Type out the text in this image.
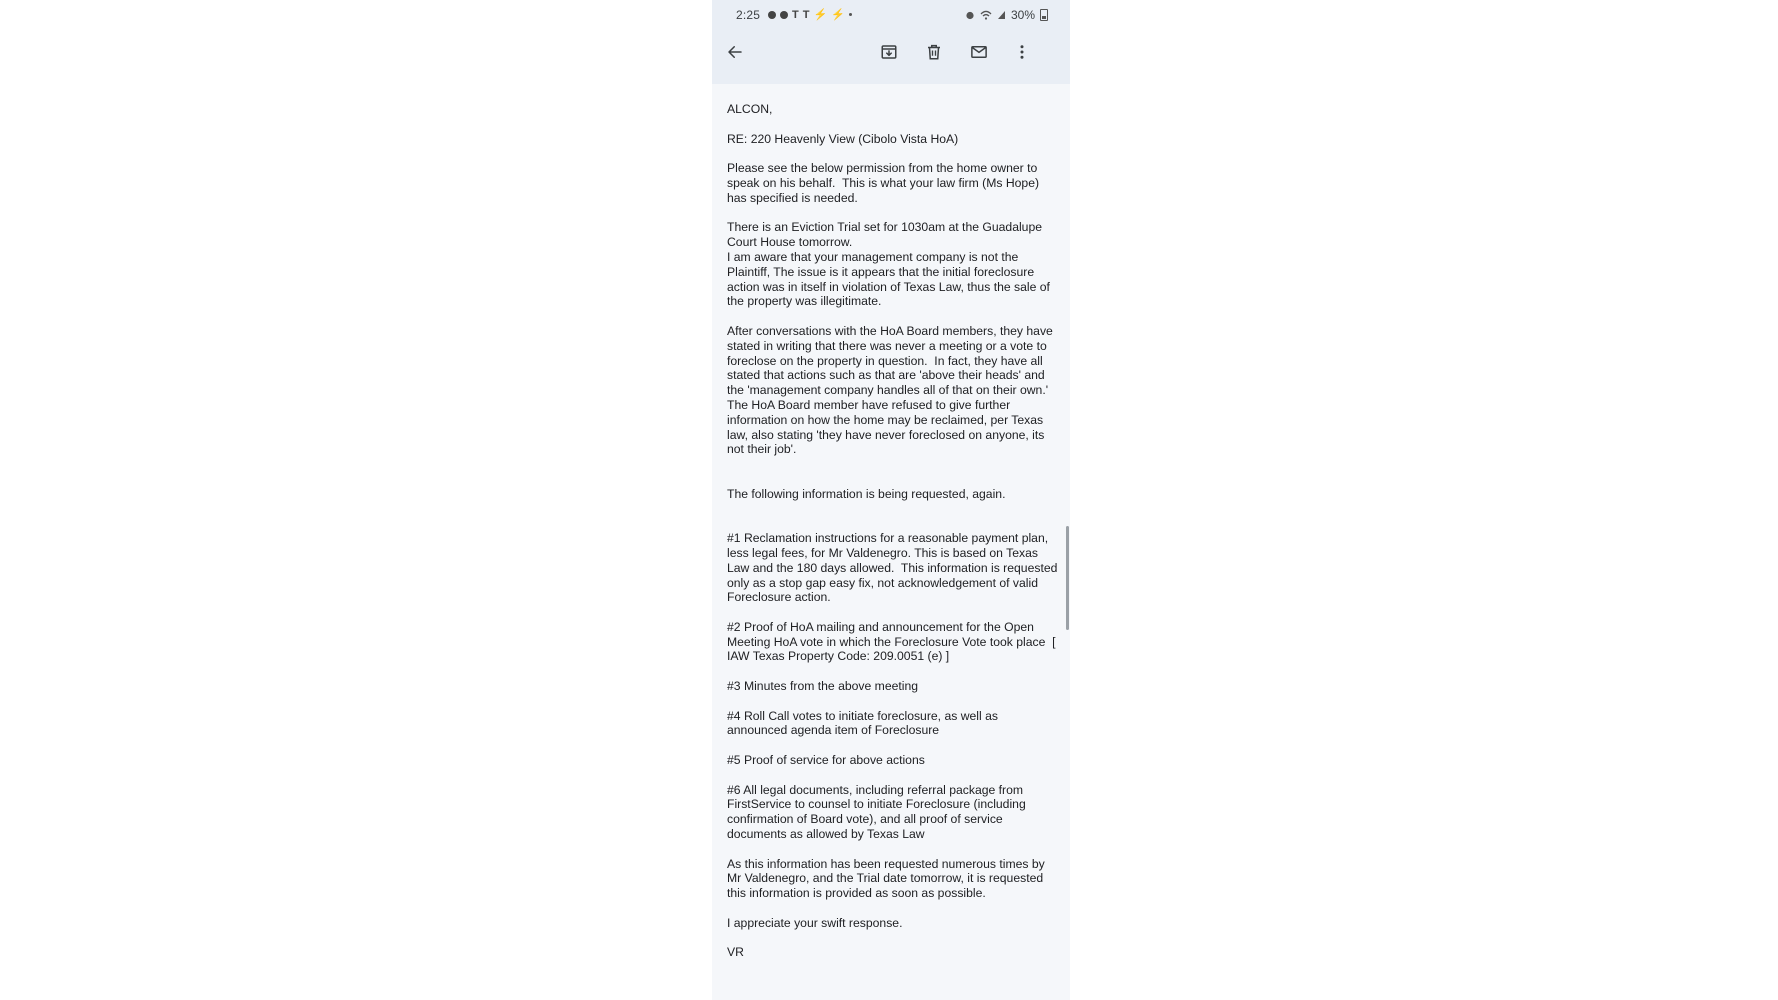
2:25	T T ⚡ ⚡	30%

ALCON,

RE: 220 Heavenly View (Cibolo Vista HoA)

Please see the below permission from the home owner to speak on his behalf.  This is what your law firm (Ms Hope) has specified is needed.

There is an Eviction Trial set for 1030am at the Guadalupe Court House tomorrow.

I am aware that your management company is not the Plaintiff, The issue is it appears that the initial foreclosure action was in itself in violation of Texas Law, thus the sale of the property was illegitimate.

After conversations with the HoA Board members, they have stated in writing that there was never a meeting or a vote to foreclose on the property in question.  In fact, they have all stated that actions such as that are 'above their heads' and the 'management company handles all of that on their own.'

The HoA Board member have refused to give further information on how the home may be reclaimed, per Texas law, also stating 'they have never foreclosed on anyone, its not their job'.

The following information is being requested, again.

#1 Reclamation instructions for a reasonable payment plan, less legal fees, for Mr Valdenegro. This is based on Texas Law and the 180 days allowed.  This information is requested only as a stop gap easy fix, not acknowledgement of valid Foreclosure action.

#2 Proof of HoA mailing and announcement for the Open Meeting HoA vote in which the Foreclosure Vote took place  [ IAW Texas Property Code: 209.0051 (e) ]

#3 Minutes from the above meeting

#4 Roll Call votes to initiate foreclosure, as well as announced agenda item of Foreclosure

#5 Proof of service for above actions

#6 All legal documents, including referral package from FirstService to counsel to initiate Foreclosure (including confirmation of Board vote), and all proof of service documents as allowed by Texas Law

As this information has been requested numerous times by Mr Valdenegro, and the Trial date tomorrow, it is requested this information is provided as soon as possible.

I appreciate your swift response.

VR
